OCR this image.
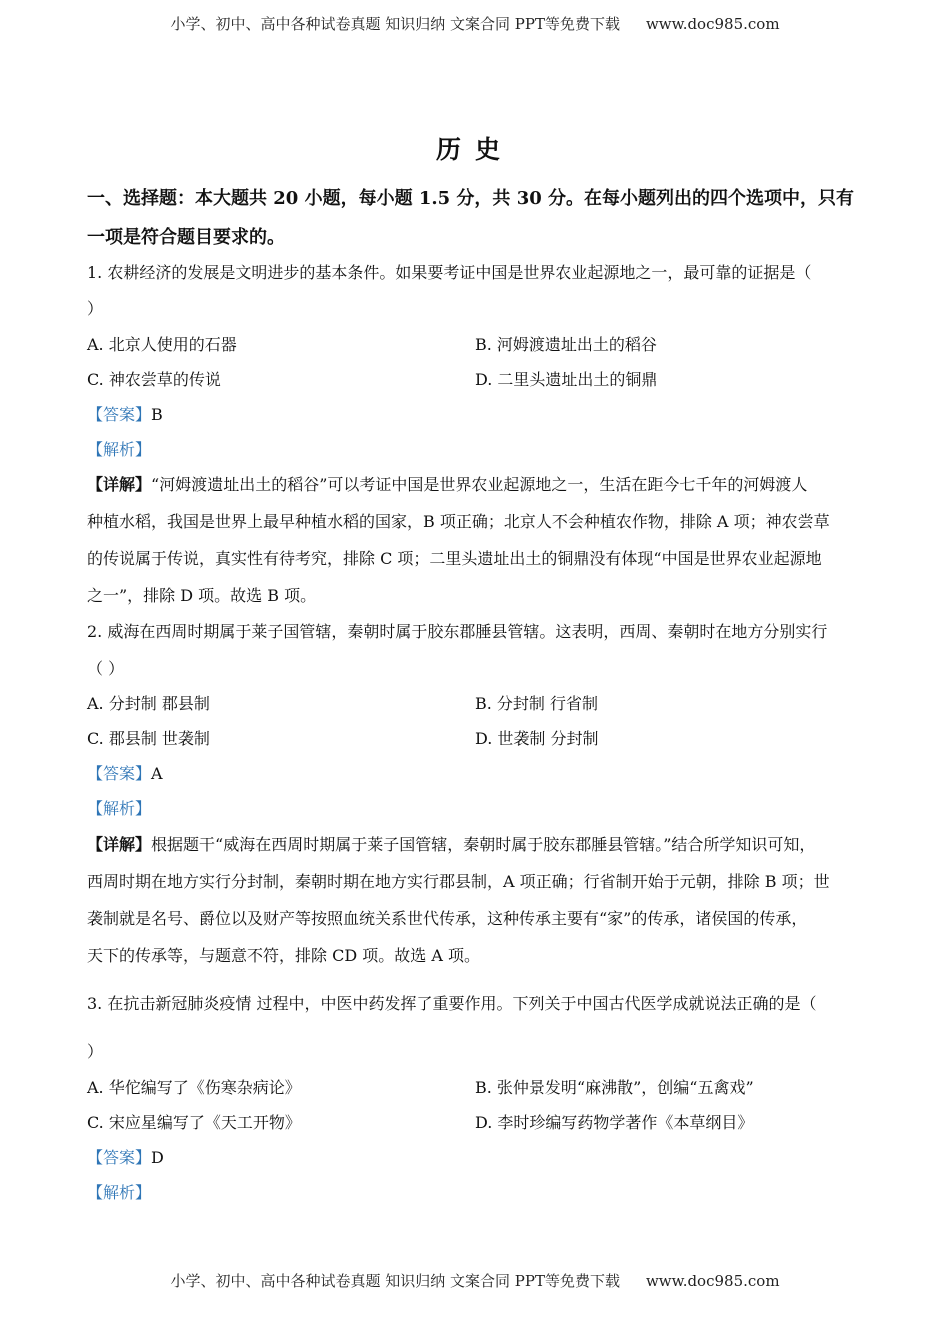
小学、初中、高中各种试卷真题 知识归纳 文案合同 PPT等免费下载 www.doc985.com
历史
一、选择题：本大题共 20 小题，每小题 1.5 分，共 30 分。在每小题列出的四个选项中，只有
一项是符合题目要求的。
1. 农耕经济的发展是文明进步的基本条件。如果要考证中国是世界农业起源地之一，最可靠的证据是（
）
A. 北京人使用的石器	B. 河姆渡遗址出土的稻谷
C. 神农尝草的传说	D. 二里头遗址出土的铜鼎
【答案】B
【解析】
【详解】“河姆渡遗址出土的稻谷”可以考证中国是世界农业起源地之一，生活在距今七千年的河姆渡人
种植水稻，我国是世界上最早种植水稻的国家，B 项正确；北京人不会种植农作物，排除 A 项；神农尝草
的传说属于传说，真实性有待考究，排除 C 项；二里头遗址出土的铜鼎没有体现“中国是世界农业起源地
之一”，排除 D 项。故选 B 项。
2. 威海在西周时期属于莱子国管辖，秦朝时属于胶东郡腄县管辖。这表明，西周、秦朝时在地方分别实行
（ ）
A. 分封制 郡县制	B. 分封制 行省制
C. 郡县制 世袭制	D. 世袭制 分封制
【答案】A
【解析】
【详解】根据题干“威海在西周时期属于莱子国管辖，秦朝时属于胶东郡腄县管辖。”结合所学知识可知，
西周时期在地方实行分封制，秦朝时期在地方实行郡县制，A 项正确；行省制开始于元朝，排除 B 项；世
袭制就是名号、爵位以及财产等按照血统关系世代传承，这种传承主要有“家”的传承，诸侯国的传承，
天下的传承等，与题意不符，排除 CD 项。故选 A 项。
3. 在抗击新冠肺炎疫情 过程中，中医中药发挥了重要作用。下列关于中国古代医学成就说法正确的是（
）
A. 华佗编写了《伤寒杂病论》	B. 张仲景发明“麻沸散”，创编“五禽戏”
C. 宋应星编写了《天工开物》	D. 李时珍编写药物学著作《本草纲目》
【答案】D
【解析】
小学、初中、高中各种试卷真题 知识归纳 文案合同 PPT等免费下载 www.doc985.com
